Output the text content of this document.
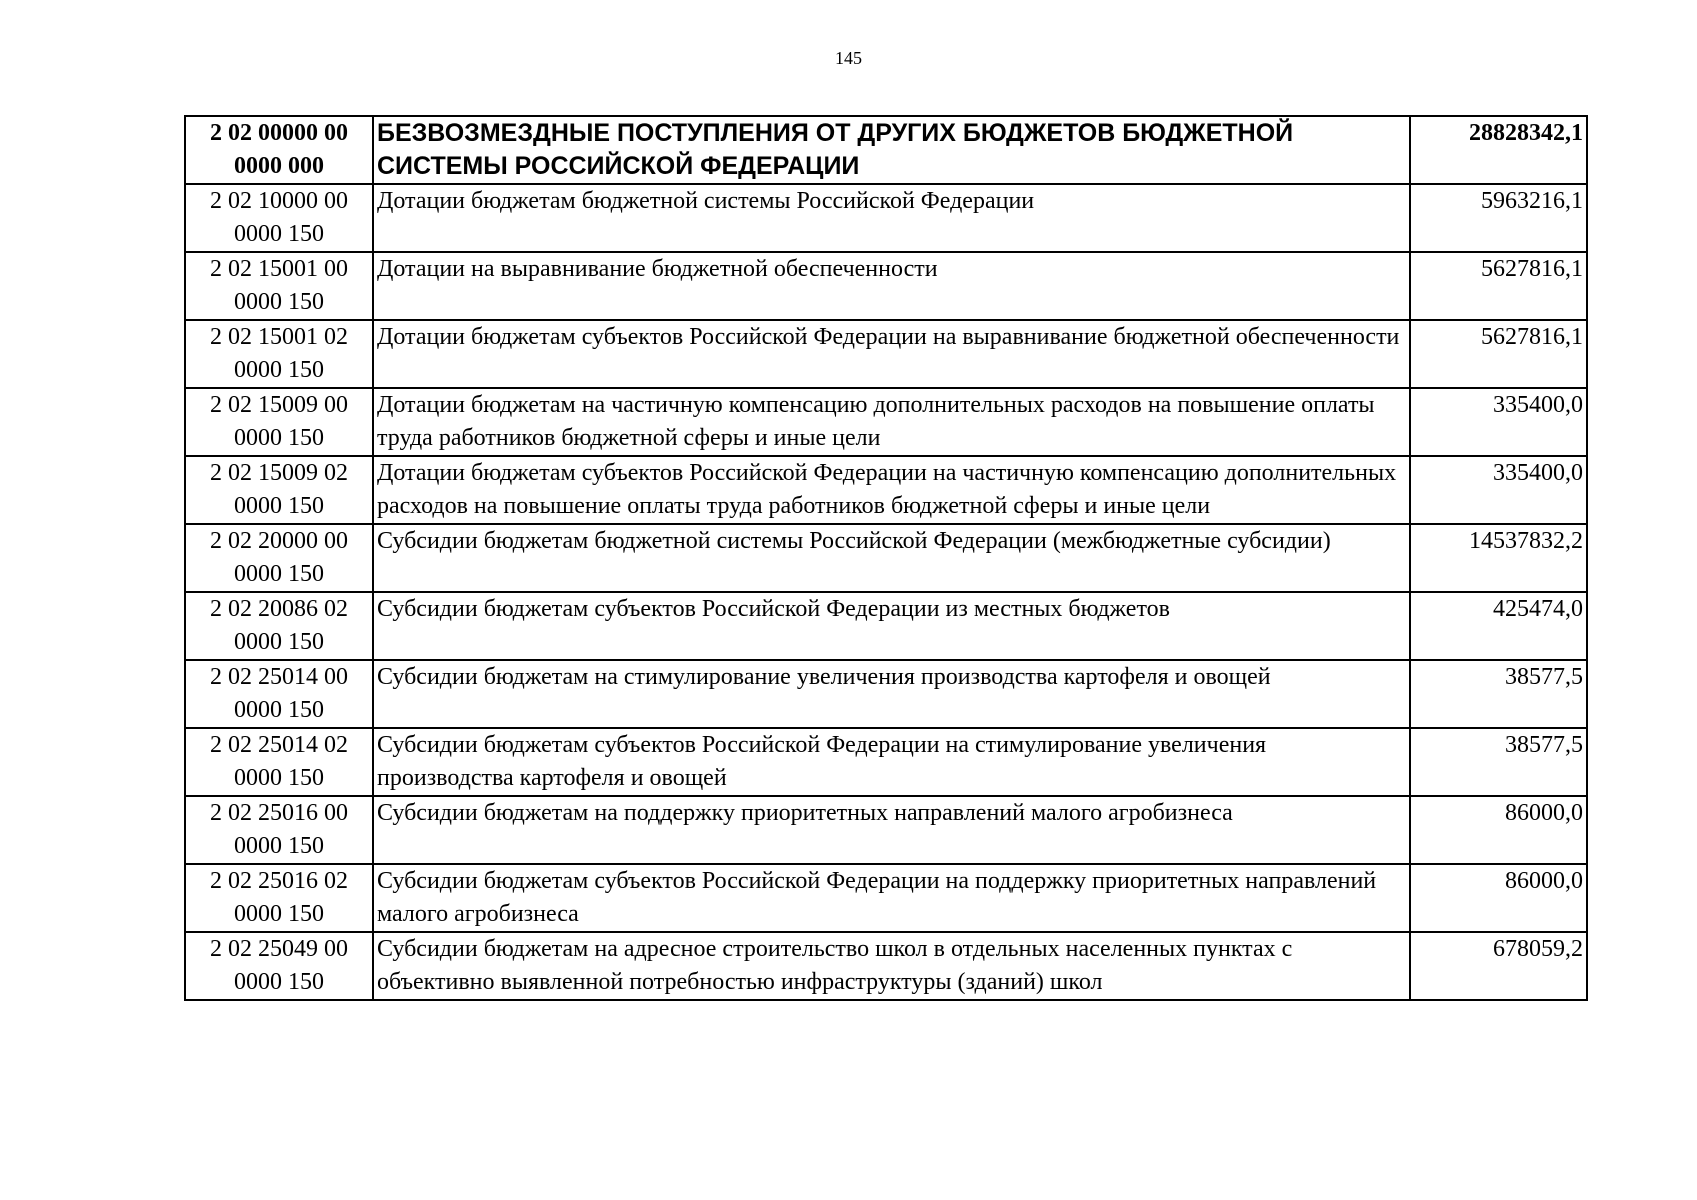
145
2 02 00000 00 0000 000	БЕЗВОЗМЕЗДНЫЕ ПОСТУПЛЕНИЯ ОТ ДРУГИХ БЮДЖЕТОВ БЮДЖЕТНОЙ СИСТЕМЫ РОССИЙСКОЙ ФЕДЕРАЦИИ	28828342,1
2 02 10000 00 0000 150	Дотации бюджетам бюджетной системы Российской Федерации	5963216,1
2 02 15001 00 0000 150	Дотации на выравнивание бюджетной обеспеченности	5627816,1
2 02 15001 02 0000 150	Дотации бюджетам субъектов Российской Федерации на выравнивание бюджетной обеспеченности	5627816,1
2 02 15009 00 0000 150	Дотации бюджетам на частичную компенсацию дополнительных расходов на повышение оплаты труда работников бюджетной сферы и иные цели	335400,0
2 02 15009 02 0000 150	Дотации бюджетам субъектов Российской Федерации на частичную компенсацию дополнительных расходов на повышение оплаты труда работников бюджетной сферы и иные цели	335400,0
2 02 20000 00 0000 150	Субсидии бюджетам бюджетной системы Российской Федерации (межбюджетные субсидии)	14537832,2
2 02 20086 02 0000 150	Субсидии бюджетам субъектов Российской Федерации из местных бюджетов	425474,0
2 02 25014 00 0000 150	Субсидии бюджетам на стимулирование увеличения производства картофеля и овощей	38577,5
2 02 25014 02 0000 150	Субсидии бюджетам субъектов Российской Федерации на стимулирование увеличения производства картофеля и овощей	38577,5
2 02 25016 00 0000 150	Субсидии бюджетам на поддержку приоритетных направлений малого агробизнеса	86000,0
2 02 25016 02 0000 150	Субсидии бюджетам субъектов Российской Федерации на поддержку приоритетных направлений малого агробизнеса	86000,0
2 02 25049 00 0000 150	Субсидии бюджетам на адресное строительство школ в отдельных населенных пунктах с объективно выявленной потребностью инфраструктуры (зданий) школ	678059,2
